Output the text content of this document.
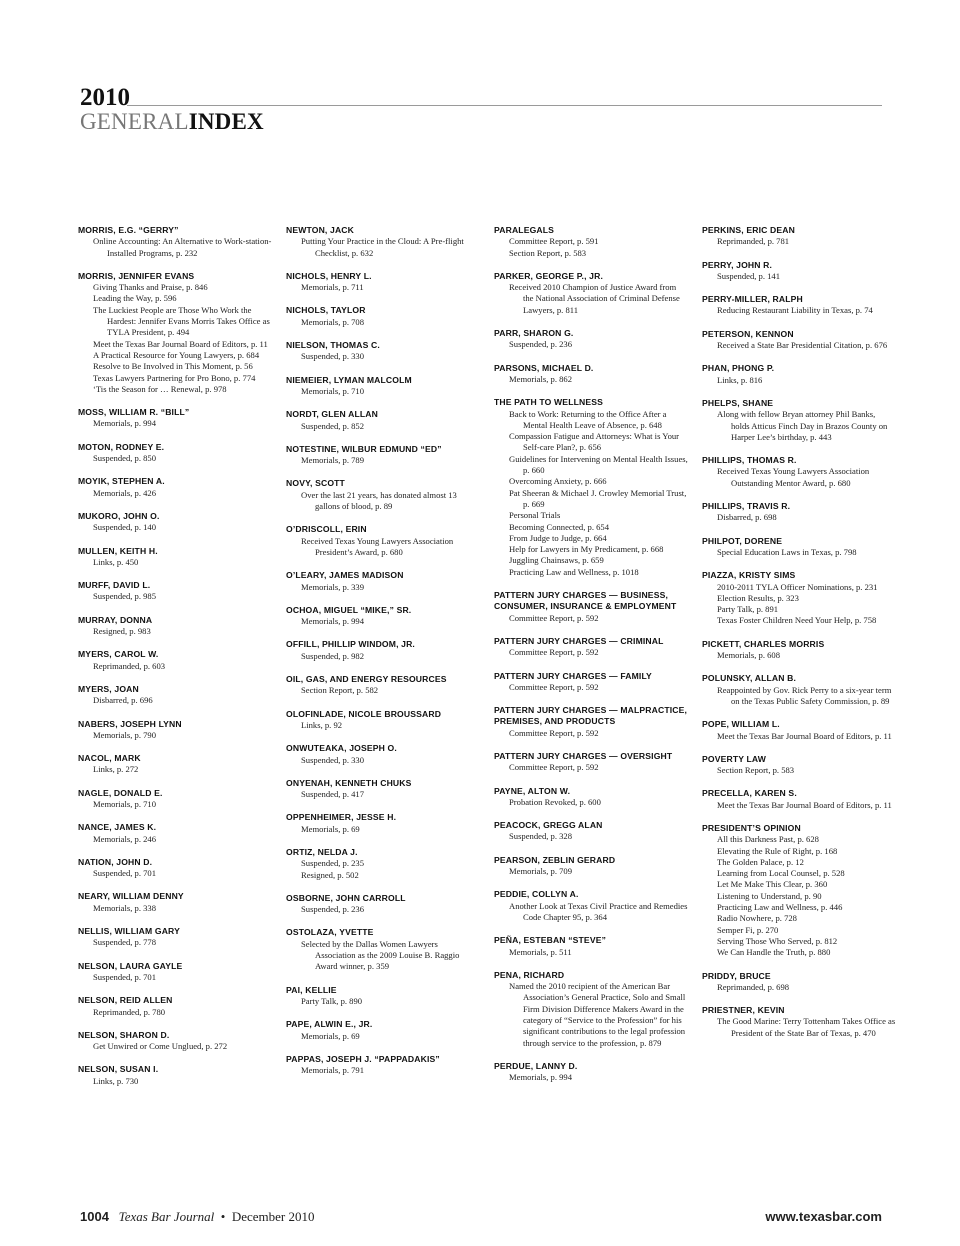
2010
GENERALINDEX
MORRIS, E.G. “GERRY”
Online Accounting: An Alternative to Work-station-Installed Programs, p. 232
MORRIS, JENNIFER EVANS
Giving Thanks and Praise, p. 846
Leading the Way, p. 596
The Luckiest People are Those Who Work the Hardest: Jennifer Evans Morris Takes Office as TYLA President, p. 494
Meet the Texas Bar Journal Board of Editors, p. 11
A Practical Resource for Young Lawyers, p. 684
Resolve to Be Involved in This Moment, p. 56
Texas Lawyers Partnering for Pro Bono, p. 774
‘Tis the Season for … Renewal, p. 978
MOSS, WILLIAM R. “BILL”
Memorials, p. 994
MOTON, RODNEY E.
Suspended, p. 850
MOYIK, STEPHEN A.
Memorials, p. 426
MUKORO, JOHN O.
Suspended, p. 140
MULLEN, KEITH H.
Links, p. 450
MURFF, DAVID L.
Suspended, p. 985
MURRAY, DONNA
Resigned, p. 983
MYERS, CAROL W.
Reprimanded, p. 603
MYERS, JOAN
Disbarred, p. 696
NABERS, JOSEPH LYNN
Memorials, p. 790
NACOL, MARK
Links, p. 272
NAGLE, DONALD E.
Memorials, p. 710
NANCE, JAMES K.
Memorials, p. 246
NATION, JOHN D.
Suspended, p. 701
NEARY, WILLIAM DENNY
Memorials, p. 338
NELLIS, WILLIAM GARY
Suspended, p. 778
NELSON, LAURA GAYLE
Suspended, p. 701
NELSON, REID ALLEN
Reprimanded, p. 780
NELSON, SHARON D.
Get Unwired or Come Unglued, p. 272
NELSON, SUSAN I.
Links, p. 730
NEWTON, JACK
Putting Your Practice in the Cloud: A Pre-flight Checklist, p. 632
NICHOLS, HENRY L.
Memorials, p. 711
NICHOLS, TAYLOR
Memorials, p. 708
NIELSON, THOMAS C.
Suspended, p. 330
NIEMEIER, LYMAN MALCOLM
Memorials, p. 710
NORDT, GLEN ALLAN
Suspended, p. 852
NOTESTINE, WILBUR EDMUND “ED”
Memorials, p. 789
NOVY, SCOTT
Over the last 21 years, has donated almost 13 gallons of blood, p. 89
O’DRISCOLL, ERIN
Received Texas Young Lawyers Association President’s Award, p. 680
O’LEARY, JAMES MADISON
Memorials, p. 339
OCHOA, MIGUEL “MIKE,” SR.
Memorials, p. 994
OFFILL, PHILLIP WINDOM, JR.
Suspended, p. 982
OIL, GAS, AND ENERGY RESOURCES
Section Report, p. 582
OLOFINLADE, NICOLE BROUSSARD
Links, p. 92
ONWUTEAKA, JOSEPH O.
Suspended, p. 330
ONYENAH, KENNETH CHUKS
Suspended, p. 417
OPPENHEIMER, JESSE H.
Memorials, p. 69
ORTIZ, NELDA J.
Suspended, p. 235
Resigned, p. 502
OSBORNE, JOHN CARROLL
Suspended, p. 236
OSTOLAZA, YVETTE
Selected by the Dallas Women Lawyers Association as the 2009 Louise B. Raggio Award winner, p. 359
PAI, KELLIE
Party Talk, p. 890
PAPE, ALWIN E., JR.
Memorials, p. 69
PAPPAS, JOSEPH J. “PAPPADAKIS”
Memorials, p. 791
PARALEGALS
Committee Report, p. 591
Section Report, p. 583
PARKER, GEORGE P., JR.
Received 2010 Champion of Justice Award from the National Association of Criminal Defense Lawyers, p. 811
PARR, SHARON G.
Suspended, p. 236
PARSONS, MICHAEL D.
Memorials, p. 862
THE PATH TO WELLNESS
Back to Work: Returning to the Office After a Mental Health Leave of Absence, p. 648
Compassion Fatigue and Attorneys: What is Your Self-care Plan?, p. 656
Guidelines for Intervening on Mental Health Issues, p. 660
Overcoming Anxiety, p. 666
Pat Sheeran & Michael J. Crowley Memorial Trust, p. 669
Personal Trials
Becoming Connected, p. 654
From Judge to Judge, p. 664
Help for Lawyers in My Predicament, p. 668
Juggling Chainsaws, p. 659
Practicing Law and Wellness, p. 1018
PATTERN JURY CHARGES — BUSINESS, CONSUMER, INSURANCE & EMPLOYMENT
Committee Report, p. 592
PATTERN JURY CHARGES — CRIMINAL
Committee Report, p. 592
PATTERN JURY CHARGES — FAMILY
Committee Report, p. 592
PATTERN JURY CHARGES — MALPRACTICE, PREMISES, AND PRODUCTS
Committee Report, p. 592
PATTERN JURY CHARGES — OVERSIGHT
Committee Report, p. 592
PAYNE, ALTON W.
Probation Revoked, p. 600
PEACOCK, GREGG ALAN
Suspended, p. 328
PEARSON, ZEBLIN GERARD
Memorials, p. 709
PEDDIE, COLLYN A.
Another Look at Texas Civil Practice and Remedies Code Chapter 95, p. 364
PEÑA, ESTEBAN “STEVE”
Memorials, p. 511
PENA, RICHARD
Named the 2010 recipient of the American Bar Association’s General Practice, Solo and Small Firm Division Difference Makers Award in the category of “Service to the Profession” for his significant contributions to the legal profession through service to the profession, p. 879
PERDUE, LANNY D.
Memorials, p. 994
PERKINS, ERIC DEAN
Reprimanded, p. 781
PERRY, JOHN R.
Suspended, p. 141
PERRY-MILLER, RALPH
Reducing Restaurant Liability in Texas, p. 74
PETERSON, KENNON
Received a State Bar Presidential Citation, p. 676
PHAN, PHONG P.
Links, p. 816
PHELPS, SHANE
Along with fellow Bryan attorney Phil Banks, holds Atticus Finch Day in Brazos County on Harper Lee’s birthday, p. 443
PHILLIPS, THOMAS R.
Received Texas Young Lawyers Association Outstanding Mentor Award, p. 680
PHILLIPS, TRAVIS R.
Disbarred, p. 698
PHILPOT, DORENE
Special Education Laws in Texas, p. 798
PIAZZA, KRISTY SIMS
2010-2011 TYLA Officer Nominations, p. 231
Election Results, p. 323
Party Talk, p. 891
Texas Foster Children Need Your Help, p. 758
PICKETT, CHARLES MORRIS
Memorials, p. 608
POLUNSKY, ALLAN B.
Reappointed by Gov. Rick Perry to a six-year term on the Texas Public Safety Commission, p. 89
POPE, WILLIAM L.
Meet the Texas Bar Journal Board of Editors, p. 11
POVERTY LAW
Section Report, p. 583
PRECELLA, KAREN S.
Meet the Texas Bar Journal Board of Editors, p. 11
PRESIDENT’S OPINION
All this Darkness Past, p. 628
Elevating the Rule of Right, p. 168
The Golden Palace, p. 12
Learning from Local Counsel, p. 528
Let Me Make This Clear, p. 360
Listening to Understand, p. 90
Practicing Law and Wellness, p. 446
Radio Nowhere, p. 728
Semper Fi, p. 270
Serving Those Who Served, p. 812
We Can Handle the Truth, p. 880
PRIDDY, BRUCE
Reprimanded, p. 698
PRIESTNER, KEVIN
The Good Marine: Terry Tottenham Takes Office as President of the State Bar of Texas, p. 470
1004 Texas Bar Journal • December 2010	www.texasbar.com
